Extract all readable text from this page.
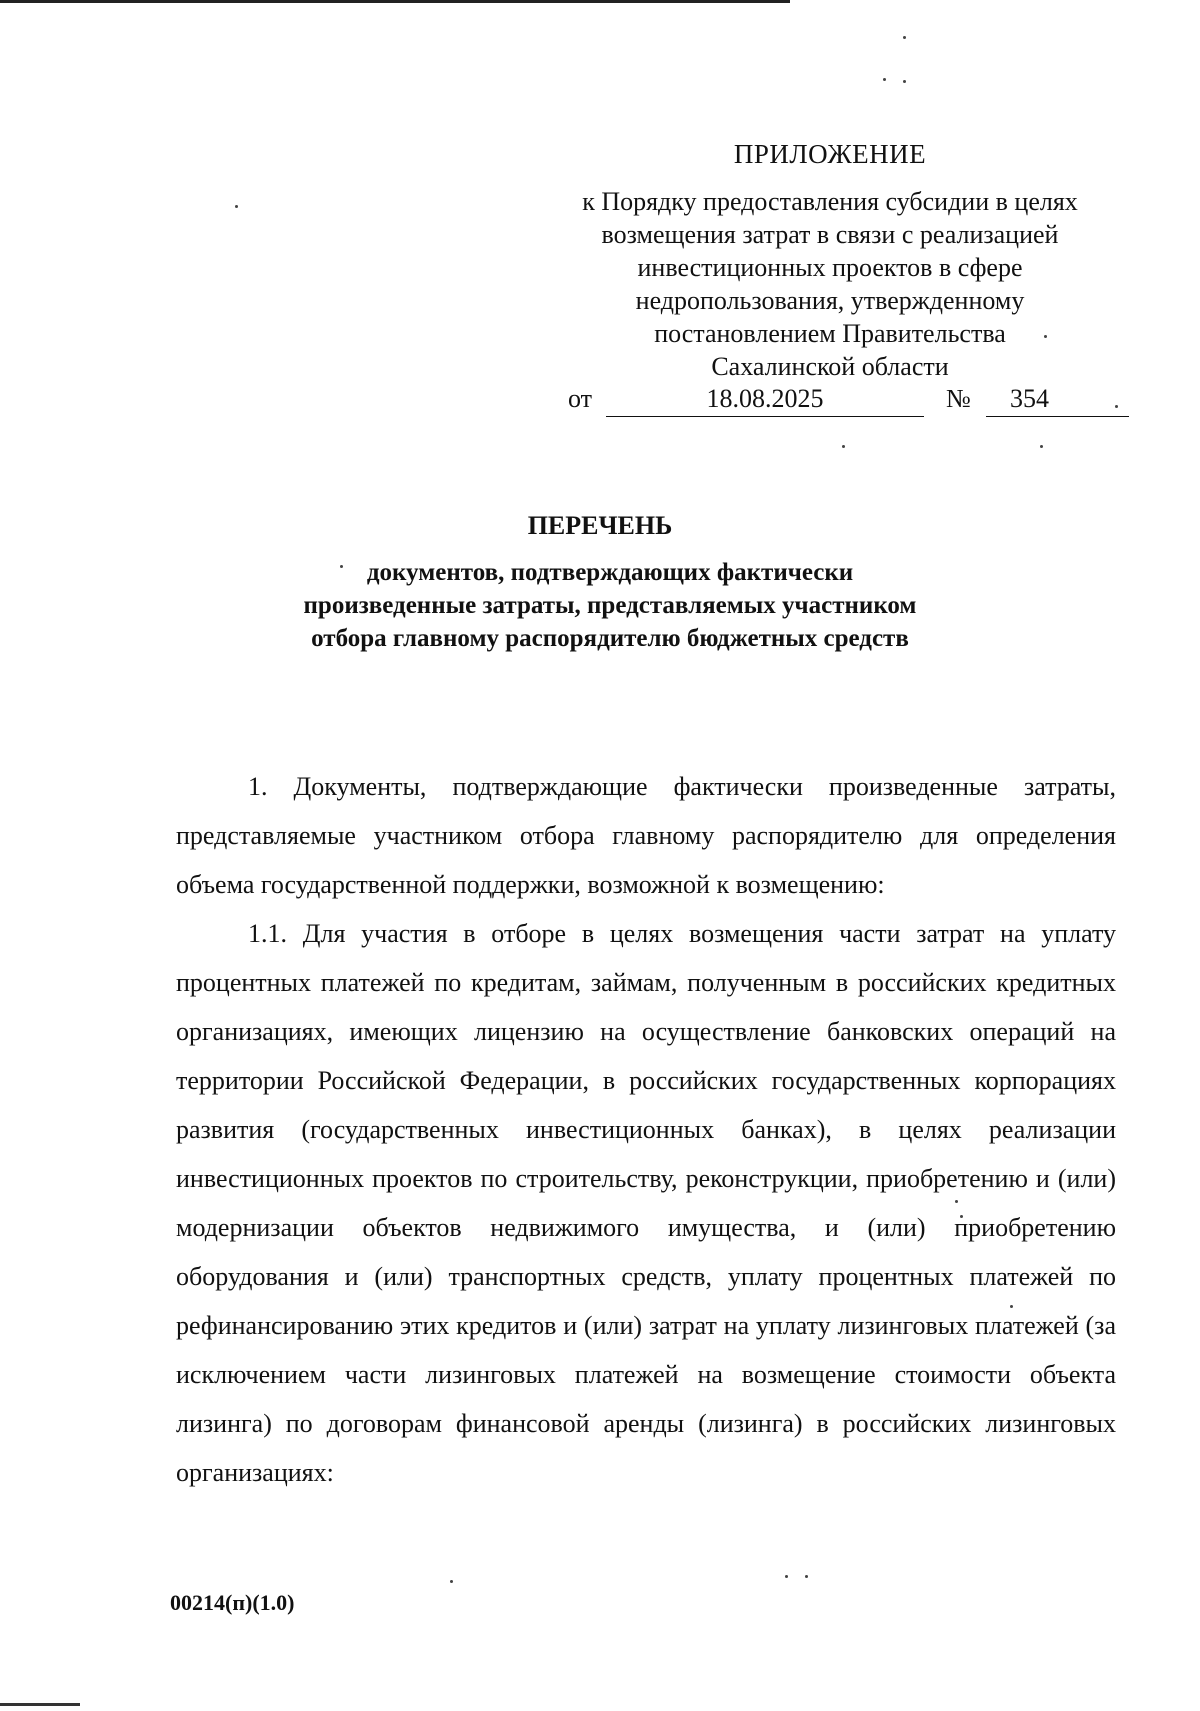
ПРИЛОЖЕНИЕ
к Порядку предоставления субсидии в целях
возмещения затрат в связи с реализацией
инвестиционных проектов в сфере
недропользования, утвержденному
постановлением Правительства
Сахалинской области
от	18.08.2025	№	354
ПЕРЕЧЕНЬ
документов, подтверждающих фактически
произведенные затраты, представляемых участником
отбора главному распорядителю бюджетных средств

1. Документы, подтверждающие фактически произведенные затраты, представляемые участником отбора главному распорядителю для определения объема государственной поддержки, возможной к возмещению:

1.1. Для участия в отборе в целях возмещения части затрат на уплату процентных платежей по кредитам, займам, полученным в российских кредитных организациях, имеющих лицензию на осуществление банковских операций на территории Российской Федерации, в российских государственных корпорациях развития (государственных инвестиционных банках), в целях реализации инвестиционных проектов по строительству, реконструкции, приобретению и (или) модернизации объектов недвижимого имущества, и (или) приобретению оборудования и (или) транспортных средств, уплату процентных платежей по рефинансированию этих кредитов и (или) затрат на уплату лизинговых платежей (за исключением части лизинговых платежей на возмещение стоимости объекта лизинга) по договорам финансовой аренды (лизинга) в российских лизинговых организациях:

00214(п)(1.0)
